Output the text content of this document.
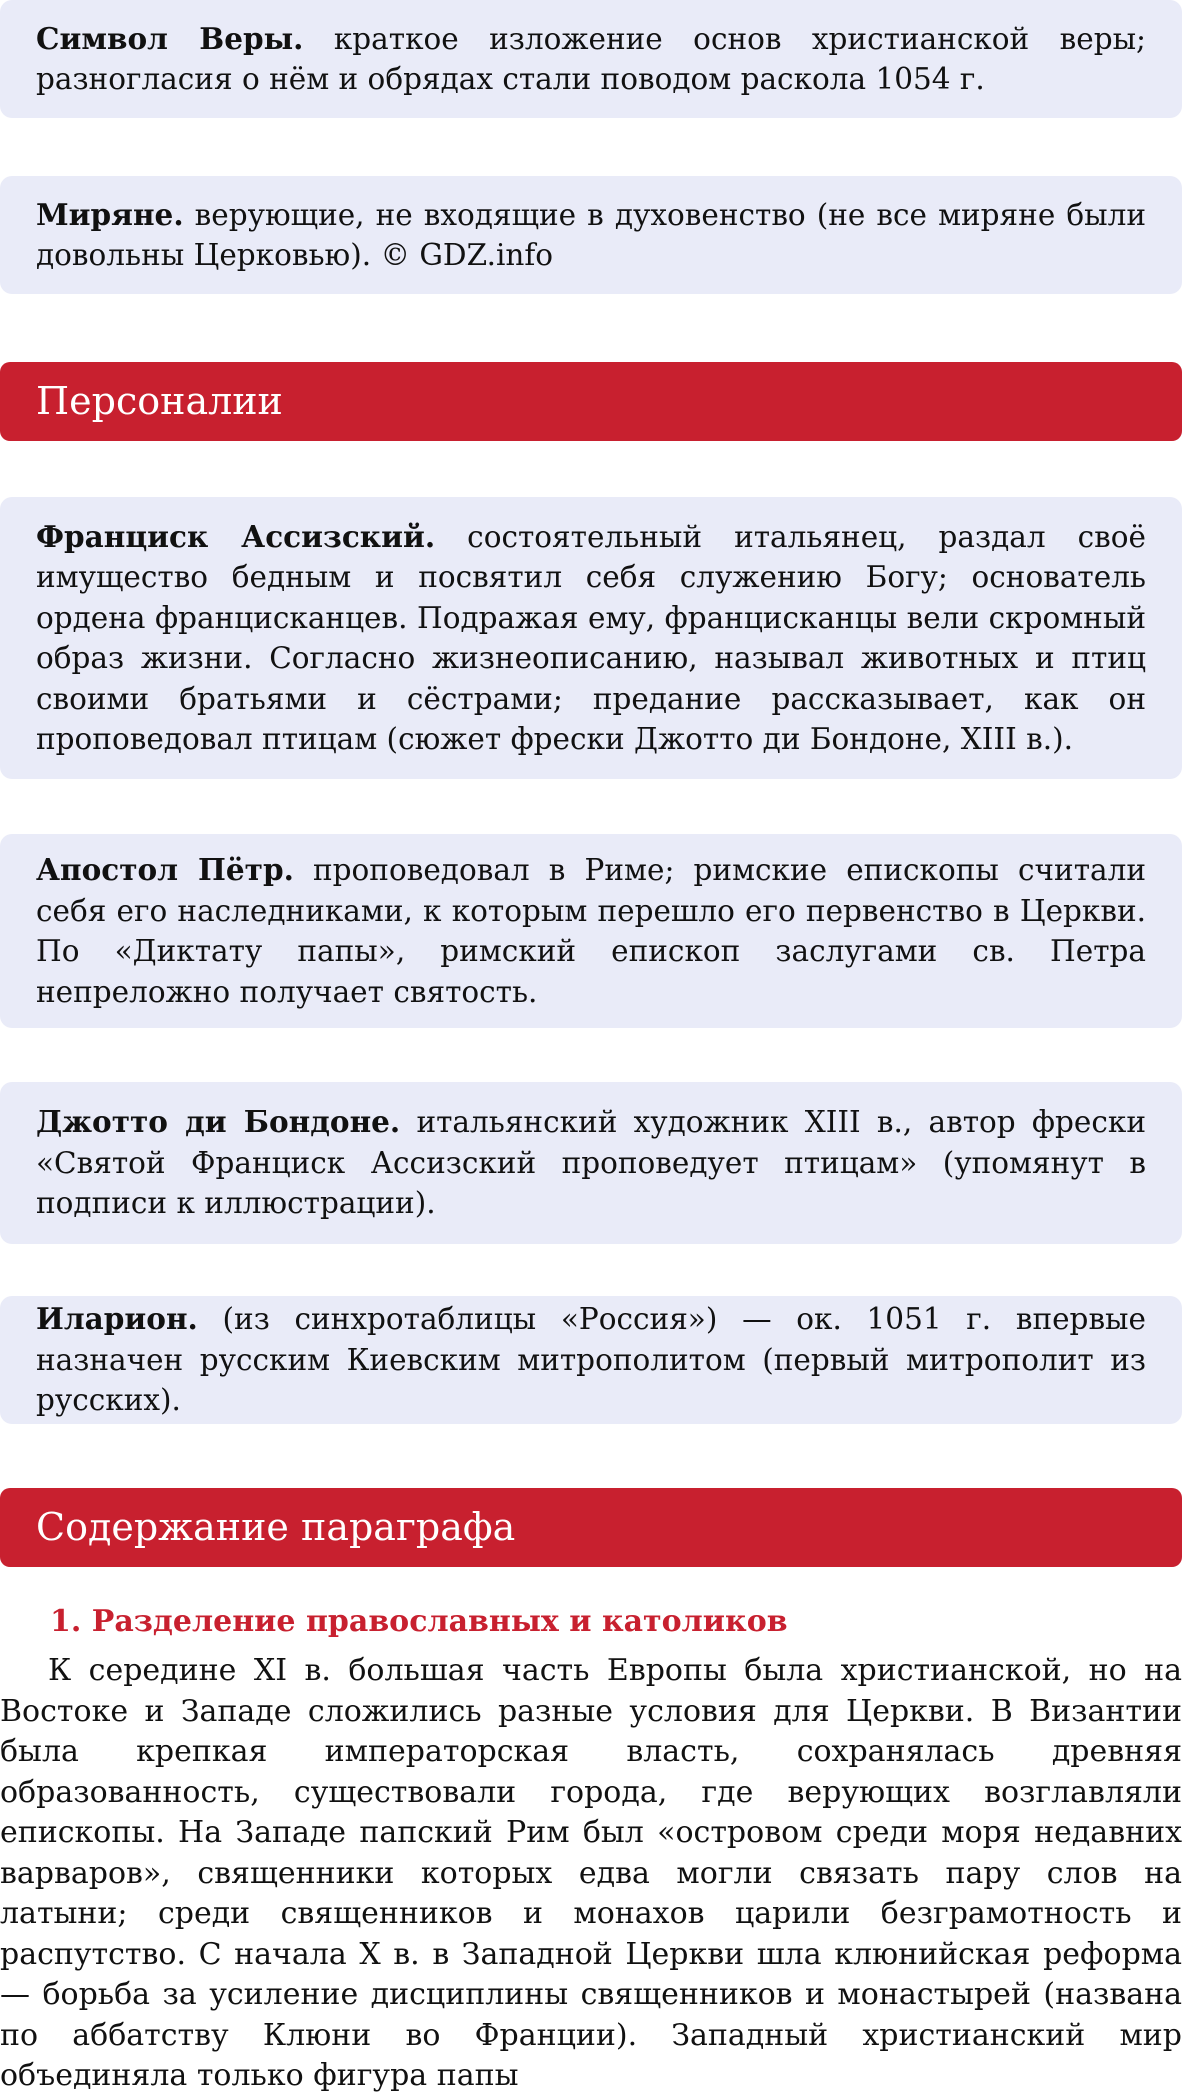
Символ Веры. краткое изложение основ христианской веры; разногласия о нём и обрядах стали поводом раскола 1054 г.

Миряне. верующие, не входящие в духовенство (не все миряне были довольны Церковью). © GDZ.info

Персоналии

Франциск Ассизский. состоятельный итальянец, раздал своё имущество бедным и посвятил себя служению Богу; основатель ордена францисканцев. Подражая ему, францисканцы вели скромный образ жизни. Согласно жизнеописанию, называл животных и птиц своими братьями и сёстрами; предание рассказывает, как он проповедовал птицам (сюжет фрески Джотто ди Бондоне, XIII в.).

Апостол Пётр. проповедовал в Риме; римские епископы считали себя его наследниками, к которым перешло его первенство в Церкви. По «Диктату папы», римский епископ заслугами св. Петра непреложно получает святость.

Джотто ди Бондоне. итальянский художник XIII в., автор фрески «Святой Франциск Ассизский проповедует птицам» (упомянут в подписи к иллюстрации).

Иларион. (из синхротаблицы «Россия») — ок. 1051 г. впервые назначен русским Киевским митрополитом (первый митрополит из русских).

Содержание параграфа
1. Разделение православных и католиков

К середине XI в. большая часть Европы была христианской, но на Востоке и Западе сложились разные условия для Церкви. В Византии была крепкая императорская власть, сохранялась древняя образованность, существовали города, где верующих возглавляли епископы. На Западе папский Рим был «островом среди моря недавних варваров», священники которых едва могли связать пару слов на латыни; среди священников и монахов царили безграмотность и распутство. С начала X в. в Западной Церкви шла клюнийская реформа — борьба за усиление дисциплины священников и монастырей (названа по аббатству Клюни во Франции). Западный христианский мир объединяла только фигура папы
